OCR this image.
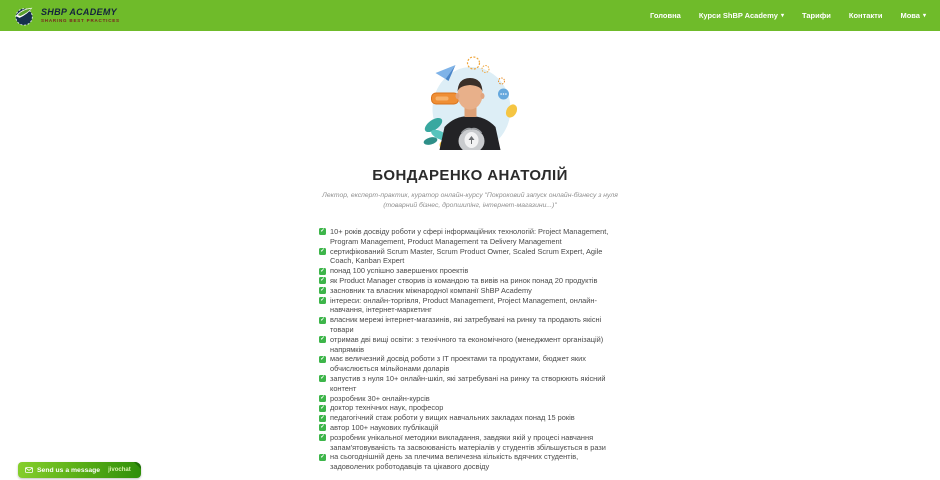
SHBP ACADEMY
SHARING BEST PRACTICES
Головна Курси ShBP Academy ▾ Тарифи Контакти Мова ▾
БОНДАРЕНКО АНАТОЛІЙ
Лектор, експерт-практик, куратор онлайн-курсу "Покроковий запуск онлайн-бізнесу з нуля (товарний бізнес, дропшипінг, інтернет-магазини...)"
✓ 10+ років досвіду роботи у сфері інформаційних технологій: Project Management, Program Management, Product Management та Delivery Management
✓ сертифікований Scrum Master, Scrum Product Owner, Scaled Scrum Expert, Agile Coach, Kanban Expert
✓ понад 100 успішно завершених проектів
✓ як Product Manager створив із командою та вивів на ринок понад 20 продуктів
✓ засновник та власник міжнародної компанії ShBP Academy
✓ інтереси: онлайн-торгівля, Product Management, Project Management, онлайн-навчання, інтернет-маркетинг
✓ власник мережі інтернет-магазинів, які затребувані на ринку та продають якісні товари
✓ отримав дві вищі освіти: з технічного та економічного (менеджмент організацій) напрямків
✓ має величезний досвід роботи з ІТ проектами та продуктами, бюджет яких обчислюється мільйонами доларів
✓ запустив з нуля 10+ онлайн-шкіл, які затребувані на ринку та створюють якісний контент
✓ розробник 30+ онлайн-курсів
✓ доктор технічних наук, професор
✓ педагогічний стаж роботи у вищих навчальних закладах понад 15 років
✓ автор 100+ наукових публікацій
✓ розробник унікальної методики викладання, завдяки якій у процесі навчання запам'ятовуваність та засвоюваність матеріалів у студентів збільшується в рази
✓ на сьогоднішній день за плечима величезна кількість вдячних студентів, задоволених роботодавців та цікавого досвіду
Send us a message jivochat
